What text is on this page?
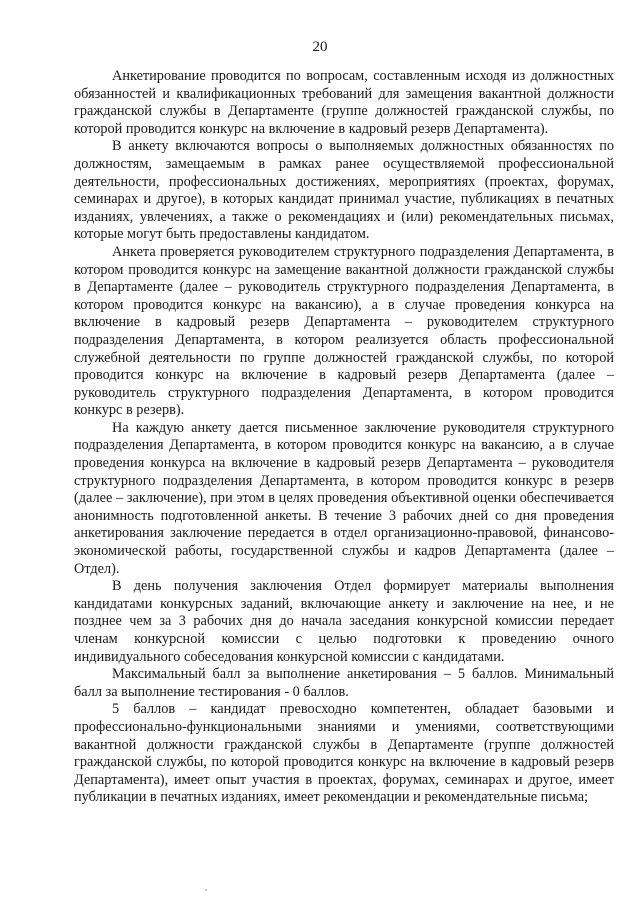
20

Анкетирование проводится по вопросам, составленным исходя из должностных обязанностей и квалификационных требований для замещения вакантной должности гражданской службы в Департаменте (группе должностей гражданской службы, по которой проводится конкурс на включение в кадровый резерв Департамента).

В анкету включаются вопросы о выполняемых должностных обязанностях по должностям, замещаемым в рамках ранее осуществляемой профессиональной деятельности, профессиональных достижениях, мероприятиях (проектах, форумах, семинарах и другое), в которых кандидат принимал участие, публикациях в печатных изданиях, увлечениях, а также о рекомендациях и (или) рекомендательных письмах, которые могут быть предоставлены кандидатом.

Анкета проверяется руководителем структурного подразделения Департамента, в котором проводится конкурс на замещение вакантной должности гражданской службы в Департаменте (далее – руководитель структурного подразделения Департамента, в котором проводится конкурс на вакансию), а в случае проведения конкурса на включение в кадровый резерв Департамента – руководителем структурного подразделения Департамента, в котором реализуется область профессиональной служебной деятельности по группе должностей гражданской службы, по которой проводится конкурс на включение в кадровый резерв Департамента (далее – руководитель структурного подразделения Департамента, в котором проводится конкурс в резерв).

На каждую анкету дается письменное заключение руководителя структурного подразделения Департамента, в котором проводится конкурс на вакансию, а в случае проведения конкурса на включение в кадровый резерв Департамента – руководителя структурного подразделения Департамента, в котором проводится конкурс в резерв (далее – заключение), при этом в целях проведения объективной оценки обеспечивается анонимность подготовленной анкеты. В течение 3 рабочих дней со дня проведения анкетирования заключение передается в отдел организационно-правовой, финансово-экономической работы, государственной службы и кадров Департамента (далее – Отдел).

В день получения заключения Отдел формирует материалы выполнения кандидатами конкурсных заданий, включающие анкету и заключение на нее, и не позднее чем за 3 рабочих дня до начала заседания конкурсной комиссии передает членам конкурсной комиссии с целью подготовки к проведению очного индивидуального собеседования конкурсной комиссии с кандидатами.

Максимальный балл за выполнение анкетирования – 5 баллов. Минимальный балл за выполнение тестирования - 0 баллов.

5 баллов – кандидат превосходно компетентен, обладает базовыми и профессионально-функциональными знаниями и умениями, соответствующими вакантной должности гражданской службы в Департаменте (группе должностей гражданской службы, по которой проводится конкурс на включение в кадровый резерв Департамента), имеет опыт участия в проектах, форумах, семинарах и другое, имеет публикации в печатных изданиях, имеет рекомендации и рекомендательные письма;
